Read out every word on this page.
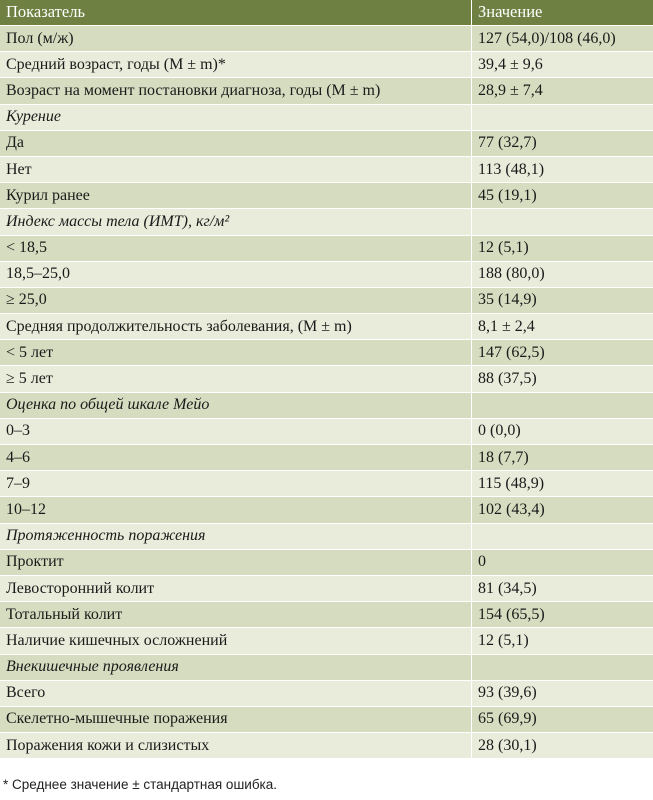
Показатель	Значение
Пол (м/ж)	127 (54,0)/108 (46,0)
Средний возраст, годы (M ± m)*	39,4 ± 9,6
Возраст на момент постановки диагноза, годы (M ± m)	28,9 ± 7,4
Курение
Да	77 (32,7)
Нет	113 (48,1)
Курил ранее	45 (19,1)
Индекс массы тела (ИМТ), кг/м²
< 18,5	12 (5,1)
18,5–25,0	188 (80,0)
≥ 25,0	35 (14,9)
Средняя продолжительность заболевания, (M ± m)	8,1 ± 2,4
< 5 лет	147 (62,5)
≥ 5 лет	88 (37,5)
Оценка по общей шкале Мейо
0–3	0 (0,0)
4–6	18 (7,7)
7–9	115 (48,9)
10–12	102 (43,4)
Протяженность поражения
Проктит	0
Левосторонний колит	81 (34,5)
Тотальный колит	154 (65,5)
Наличие кишечных осложнений	12 (5,1)
Внекишечные проявления
Всего	93 (39,6)
Скелетно-мышечные поражения	65 (69,9)
Поражения кожи и слизистых	28 (30,1)
* Среднее значение ± стандартная ошибка.
